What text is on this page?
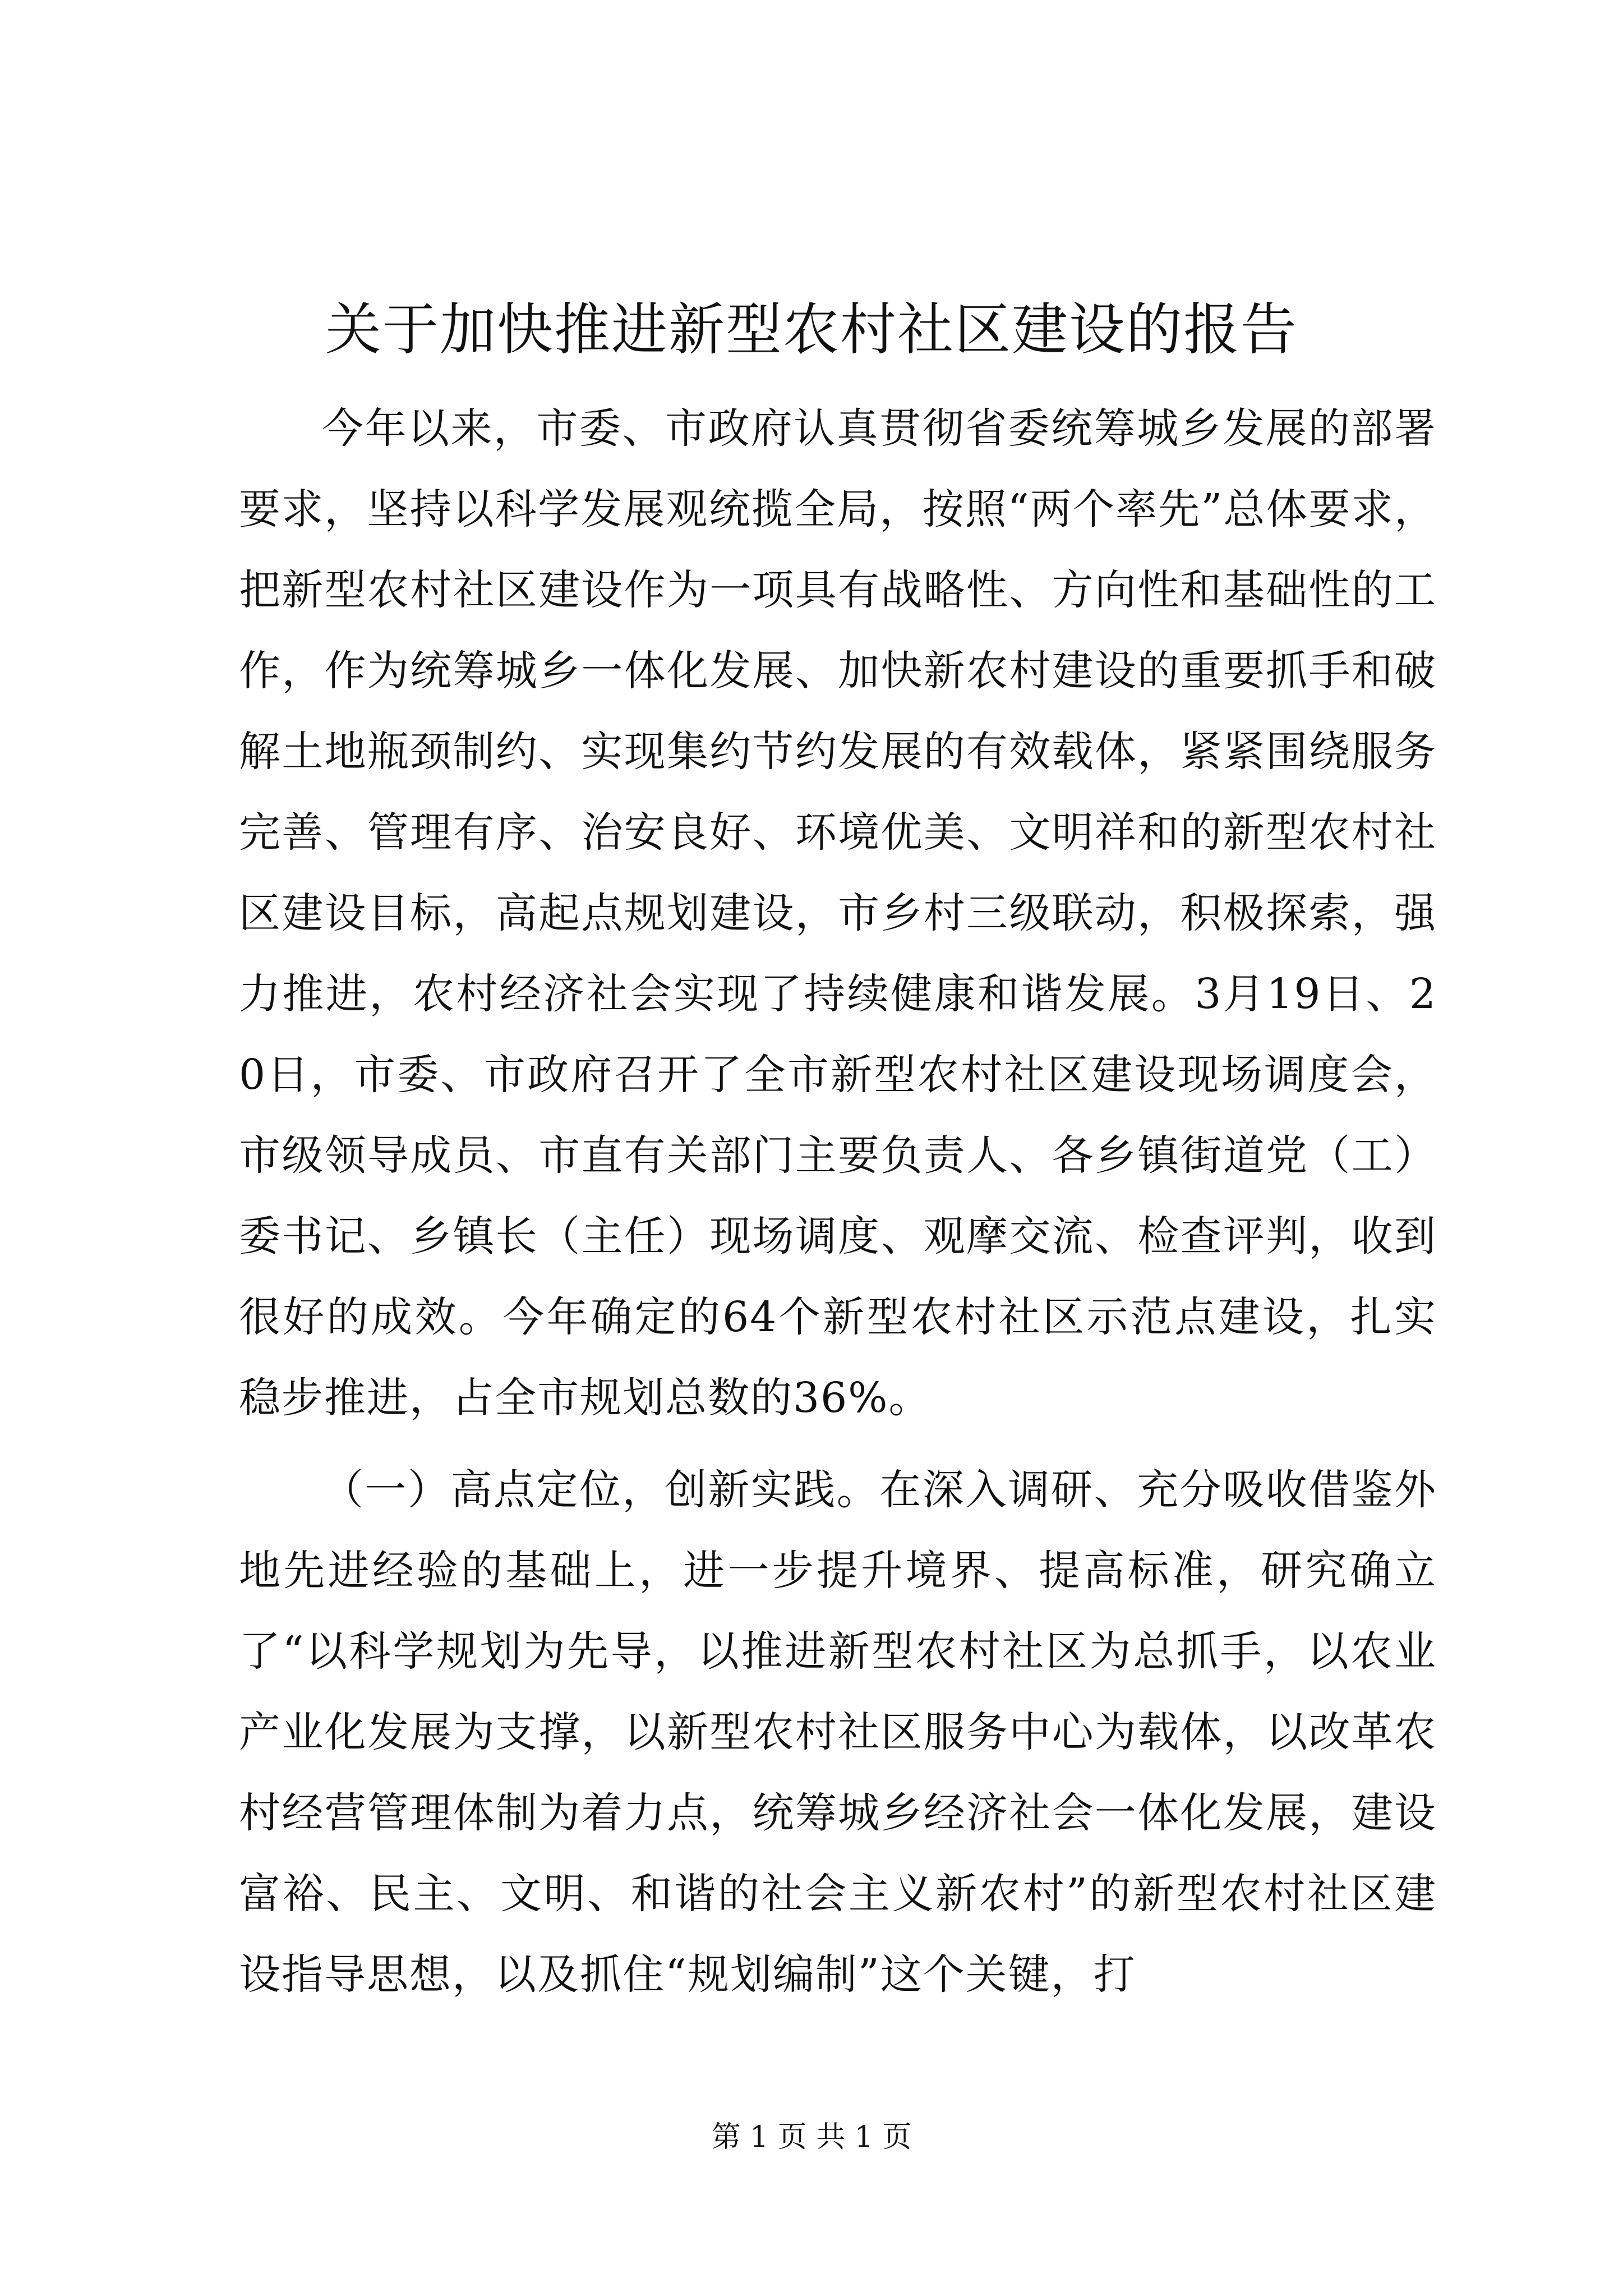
关于加快推进新型农村社区建设的报告

今年以来，市委、市政府认真贯彻省委统筹城乡发展的部署要求，坚持以科学发展观统揽全局，按照“两个率先”总体要求，把新型农村社区建设作为一项具有战略性、方向性和基础性的工作，作为统筹城乡一体化发展、加快新农村建设的重要抓手和破解土地瓶颈制约、实现集约节约发展的有效载体，紧紧围绕服务完善、管理有序、治安良好、环境优美、文明祥和的新型农村社区建设目标，高起点规划建设，市乡村三级联动，积极探索，强力推进，农村经济社会实现了持续健康和谐发展。3月19日、20日，市委、市政府召开了全市新型农村社区建设现场调度会，市级领导成员、市直有关部门主要负责人、各乡镇街道党（工）委书记、乡镇长（主任）现场调度、观摩交流、检查评判，收到很好的成效。今年确定的64个新型农村社区示范点建设，扎实稳步推进，占全市规划总数的36%。

（一）高点定位，创新实践。在深入调研、充分吸收借鉴外地先进经验的基础上，进一步提升境界、提高标准，研究确立了“以科学规划为先导，以推进新型农村社区为总抓手，以农业产业化发展为支撑，以新型农村社区服务中心为载体，以改革农村经营管理体制为着力点，统筹城乡经济社会一体化发展，建设富裕、民主、文明、和谐的社会主义新农村”的新型农村社区建设指导思想，以及抓住“规划编制”这个关键，打

第 1 页 共 1 页
